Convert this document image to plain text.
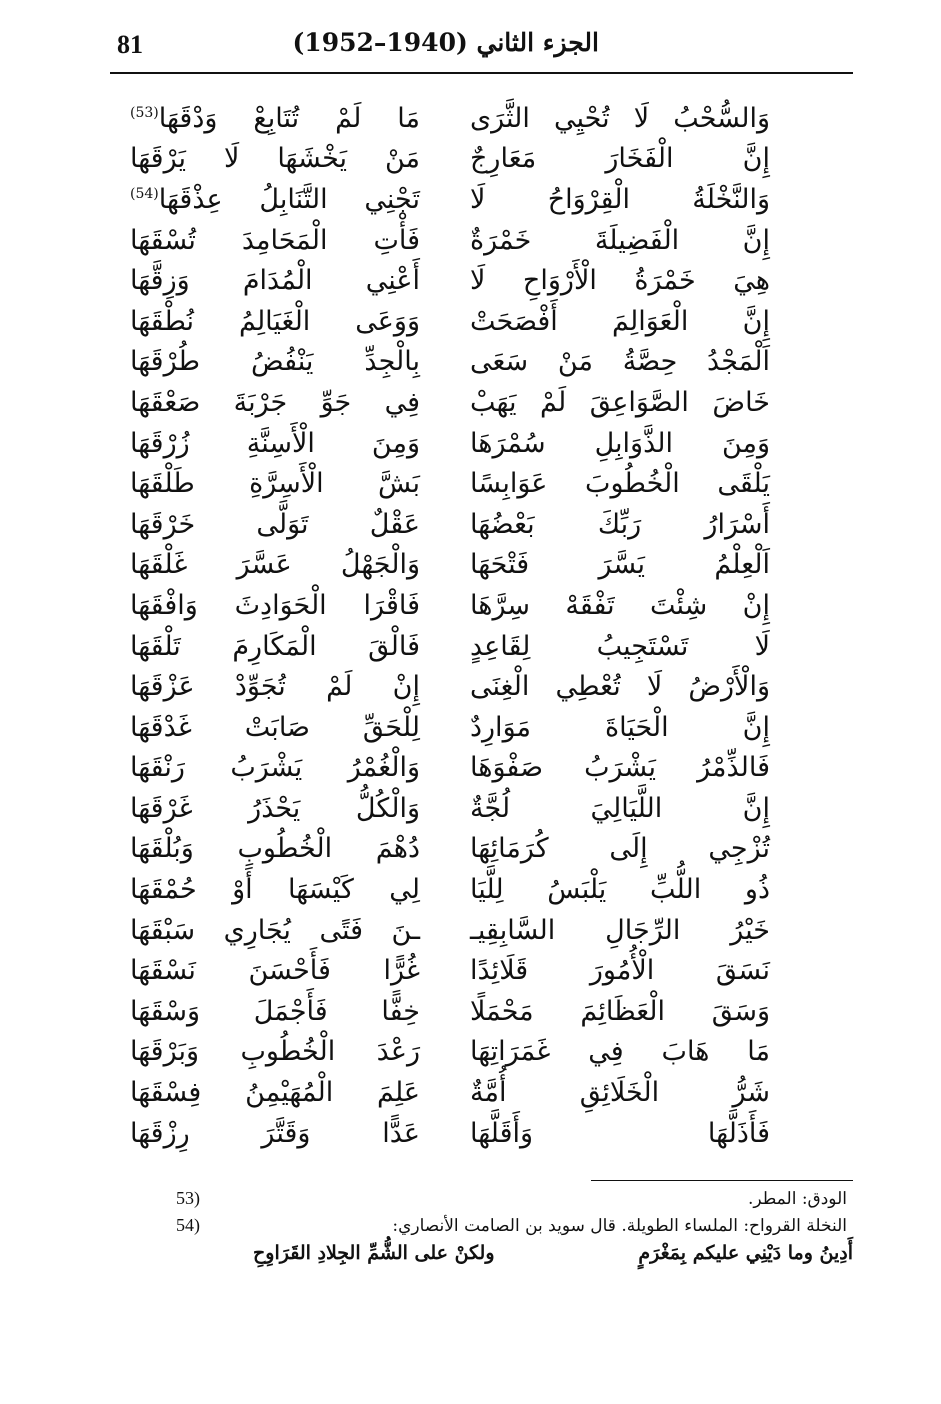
81	الجزء الثاني (1940–1952)
وَالسُّحْبُ لَا تُحْيِي الثَّرَى
مَا لَمْ تُتَابِعْ وَدْقَهَا$^{(53)}$
إِنَّ الْفَخَارَ مَعَارِجٌ
مَنْ يَخْشَهَا لَا يَرْقَهَا
وَالنَّخْلَةُ الْقِرْوَاحُ لَا
تَجْنِي التَّنَابِلُ عِذْقَهَا$^{(54)}$
إِنَّ الْفَضِيلَةَ خَمْرَةٌ
فَأْتِ الْمَحَامِدَ تُسْقَهَا
هِيَ خَمْرَةُ الْأَرْوَاحِ لَا
أَعْنِي الْمُدَامَ وَزِقَّهَا
إِنَّ الْعَوَالِمَ أَفْصَحَتْ
وَوَعَى الْغَيَالِمُ نُطْقَهَا
اَلْمَجْدُ حِصَّةُ مَنْ سَعَى
بِالْجِدِّ يَنْفُضُ طُرْقَهَا
خَاضَ الصَّوَاعِقَ لَمْ يَهَبْ
فِي جَوِّ جَرْبَةَ صَعْقَهَا
وَمِنَ الذَّوَابِلِ سُمْرَهَا
وَمِنَ الْأَسِنَّةِ زُرْقَهَا
يَلْقَى الْخُطُوبَ عَوَابِسًا
بَشَّ الْأَسِرَّةِ طَلْقَهَا
أَسْرَارُ رَبِّكَ بَعْضُهَا
عَقْلٌ تَوَلَّى خَرْقَهَا
اَلْعِلْمُ يَسَّرَ فَتْحَهَا
وَالْجَهْلُ عَسَّرَ غَلْقَهَا
إِنْ شِئْتَ تَفْقَهْ سِرَّهَا
فَاقْرَا الْحَوَادِثَ وَافْقَهَا
لَا تَسْتَجِيبُ لِقَاعِدٍ
فَالْقَ الْمَكَارِمَ تَلْقَهَا
وَالْأَرْضُ لَا تُعْطِي الْغِنَى
إِنْ لَمْ تُجَوِّدْ عَزْقَهَا
إِنَّ الْحَيَاةَ مَوَارِدٌ
لِلْحَقِّ صَابَتْ غَدْقَهَا
فَالذِّمْرُ يَشْرَبُ صَفْوَهَا
وَالْغُمْرُ يَشْرَبُ رَنْقَهَا
إِنَّ اللَّيَالِيَ لُجَّةٌ
وَالْكُلُّ يَحْذَرُ غَرْقَهَا
تُزْجِي إِلَى كُرَمَائِهَا
دُهْمَ الْخُطُوبِ وَبُلْقَهَا
ذُو اللُّبِّ يَلْبَسُ لِلَّيَا
لِي كَيْسَهَا أَوْ حُمْقَهَا
خَيْرُ الرِّجَالِ السَّابِقِيـ
ـنَ فَتًى يُجَارِي سَبْقَهَا
نَسَقَ الْأُمُورَ قَلَائِدًا
غُرًّا فَأَحْسَنَ نَسْقَهَا
وَسَقَ الْعَظَائِمَ مَحْمَلًا
خِفًّا فَأَجْمَلَ وَسْقَهَا
مَا هَابَ فِي غَمَرَاتِهَا
رَعْدَ الْخُطُوبِ وَبَرْقَهَا
شَرُّ الْخَلَائِقِ أُمَّةٌ
عَلِمَ الْمُهَيْمِنُ فِسْقَهَا
فَأَذَلَّهَا وَأَقَلَّهَا
عَدًّا وَقَتَّرَ رِزْقَهَا
الودق: المطر.
53)
النخلة القرواح: الملساء الطويلة. قال سويد بن الصامت الأنصاري:
54)
أَدِينُ وما دَيْنِي عليكم بِمَغْرَمٍ
ولكنْ على الشُّمِّ الجِلادِ القَرَاوِحِ
